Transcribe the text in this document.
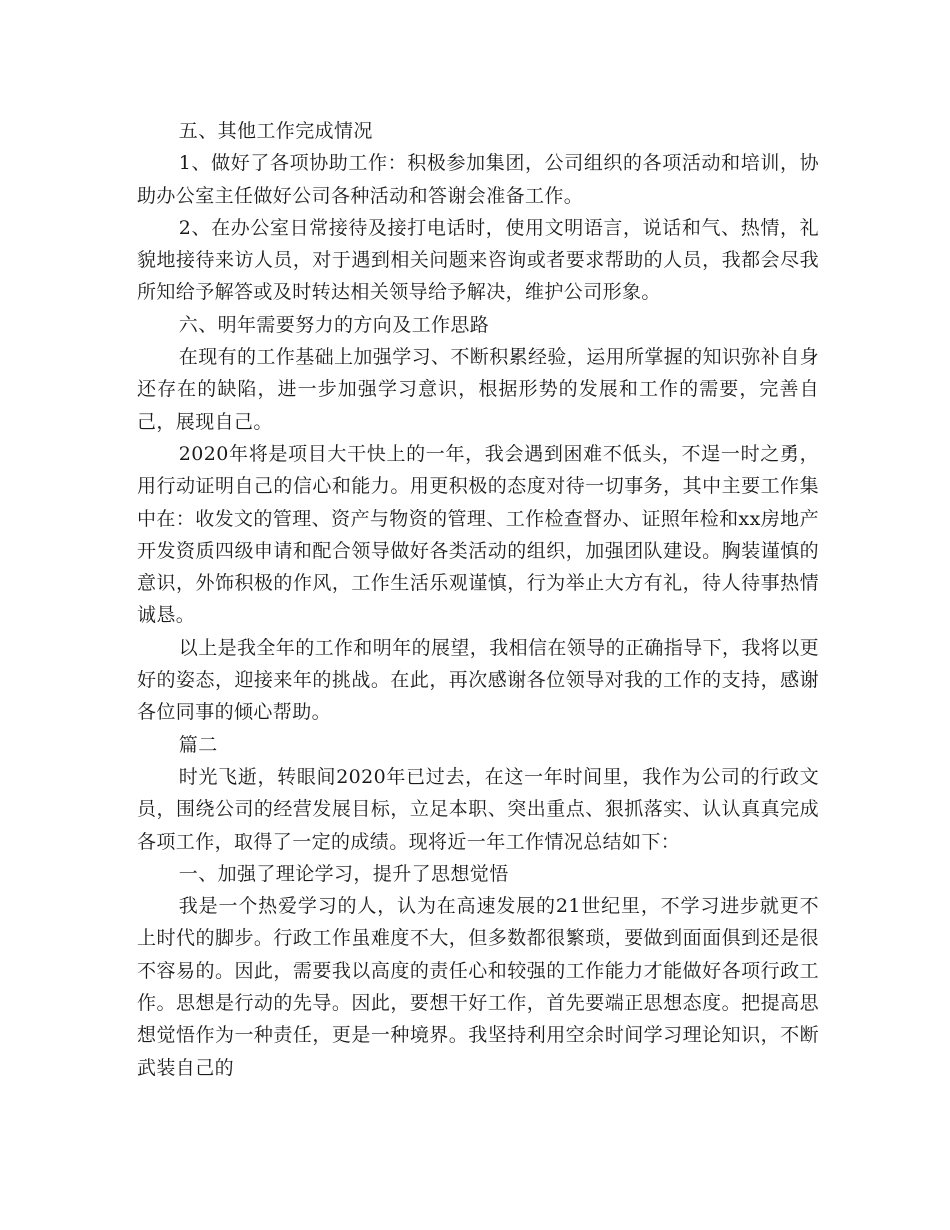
五、其他工作完成情况

1、做好了各项协助工作：积极参加集团，公司组织的各项活动和培训，协助办公室主任做好公司各种活动和答谢会准备工作。

2、在办公室日常接待及接打电话时，使用文明语言，说话和气、热情，礼貌地接待来访人员，对于遇到相关问题来咨询或者要求帮助的人员，我都会尽我所知给予解答或及时转达相关领导给予解决，维护公司形象。

六、明年需要努力的方向及工作思路

在现有的工作基础上加强学习、不断积累经验，运用所掌握的知识弥补自身还存在的缺陷，进一步加强学习意识，根据形势的发展和工作的需要，完善自己，展现自己。

2020年将是项目大干快上的一年，我会遇到困难不低头，不逞一时之勇，用行动证明自己的信心和能力。用更积极的态度对待一切事务，其中主要工作集中在：收发文的管理、资产与物资的管理、工作检查督办、证照年检和xx房地产开发资质四级申请和配合领导做好各类活动的组织，加强团队建设。胸装谨慎的意识，外饰积极的作风，工作生活乐观谨慎，行为举止大方有礼，待人待事热情诚恳。

以上是我全年的工作和明年的展望，我相信在领导的正确指导下，我将以更好的姿态，迎接来年的挑战。在此，再次感谢各位领导对我的工作的支持，感谢各位同事的倾心帮助。

篇二

时光飞逝，转眼间2020年已过去，在这一年时间里，我作为公司的行政文员，围绕公司的经营发展目标，立足本职、突出重点、狠抓落实、认认真真完成各项工作，取得了一定的成绩。现将近一年工作情况总结如下：

一、加强了理论学习，提升了思想觉悟

我是一个热爱学习的人，认为在高速发展的21世纪里，不学习进步就更不上时代的脚步。行政工作虽难度不大，但多数都很繁琐，要做到面面俱到还是很不容易的。因此，需要我以高度的责任心和较强的工作能力才能做好各项行政工作。思想是行动的先导。因此，要想干好工作，首先要端正思想态度。把提高思想觉悟作为一种责任，更是一种境界。我坚持利用空余时间学习理论知识，不断武装自己的
